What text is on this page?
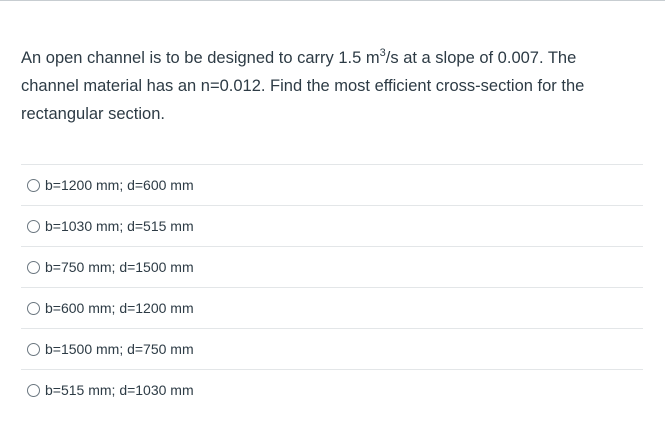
An open channel is to be designed to carry 1.5 $m^3/s$ at a slope of 0.007. The channel material has an n=0.012. Find the most efficient cross-section for the rectangular section.
b=1200 mm; d=600 mm
b=1030 mm; d=515 mm
b=750 mm; d=1500 mm
b=600 mm; d=1200 mm
b=1500 mm; d=750 mm
b=515 mm; d=1030 mm
